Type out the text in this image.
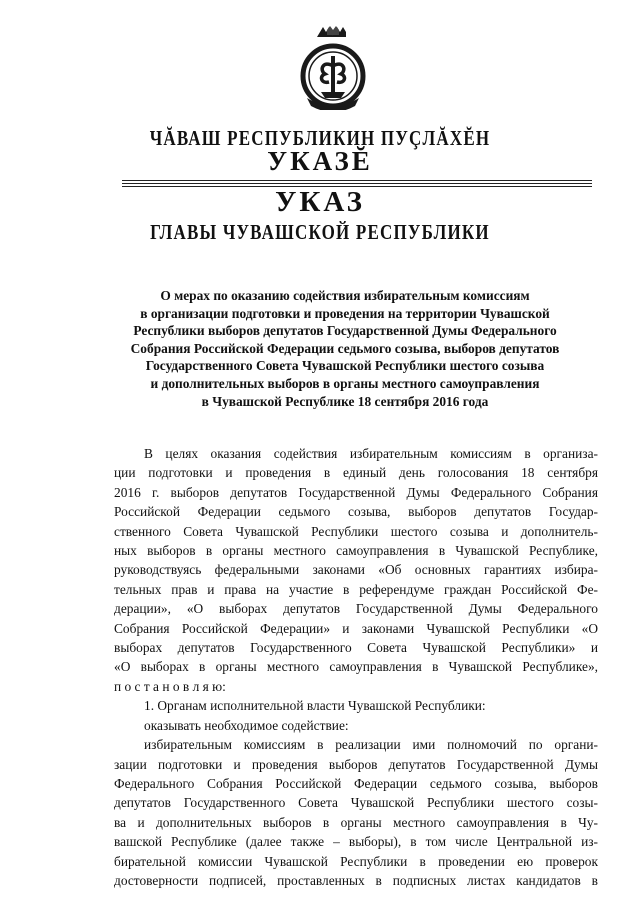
ЧĂВАШ РЕСПУБЛИКИН ПУÇЛĂХĔН
УКАЗĔ
УКАЗ
ГЛАВЫ ЧУВАШСКОЙ РЕСПУБЛИКИ
О мерах по оказанию содействия избирательным комиссиям
в организации подготовки и проведения на территории Чувашской
Республики выборов депутатов Государственной Думы Федерального
Собрания Российской Федерации седьмого созыва, выборов депутатов
Государственного Совета Чувашской Республики шестого созыва
и дополнительных выборов в органы местного самоуправления
в Чувашской Республике 18 сентября 2016 года
В целях оказания содействия избирательным комиссиям в организа-
ции подготовки и проведения в единый день голосования 18 сентября
2016 г. выборов депутатов Государственной Думы Федерального Собрания
Российской Федерации седьмого созыва, выборов депутатов Государ-
ственного Совета Чувашской Республики шестого созыва и дополнитель-
ных выборов в органы местного самоуправления в Чувашской Республике,
руководствуясь федеральными законами «Об основных гарантиях избира-
тельных прав и права на участие в референдуме граждан Российской Фе-
дерации», «О выборах депутатов Государственной Думы Федерального
Собрания Российской Федерации» и законами Чувашской Республики «О
выборах депутатов Государственного Совета Чувашской Республики» и
«О выборах в органы местного самоуправления в Чувашской Республике»,
п о с т а н о в л я ю:
1. Органам исполнительной власти Чувашской Республики:
оказывать необходимое содействие:
избирательным комиссиям в реализации ими полномочий по органи-
зации подготовки и проведения выборов депутатов Государственной Думы
Федерального Собрания Российской Федерации седьмого созыва, выборов
депутатов Государственного Совета Чувашской Республики шестого созы-
ва и дополнительных выборов в органы местного самоуправления в Чу-
вашской Республике (далее также – выборы), в том числе Центральной из-
бирательной комиссии Чувашской Республики в проведении ею проверок
достоверности подписей, проставленных в подписных листах кандидатов в
